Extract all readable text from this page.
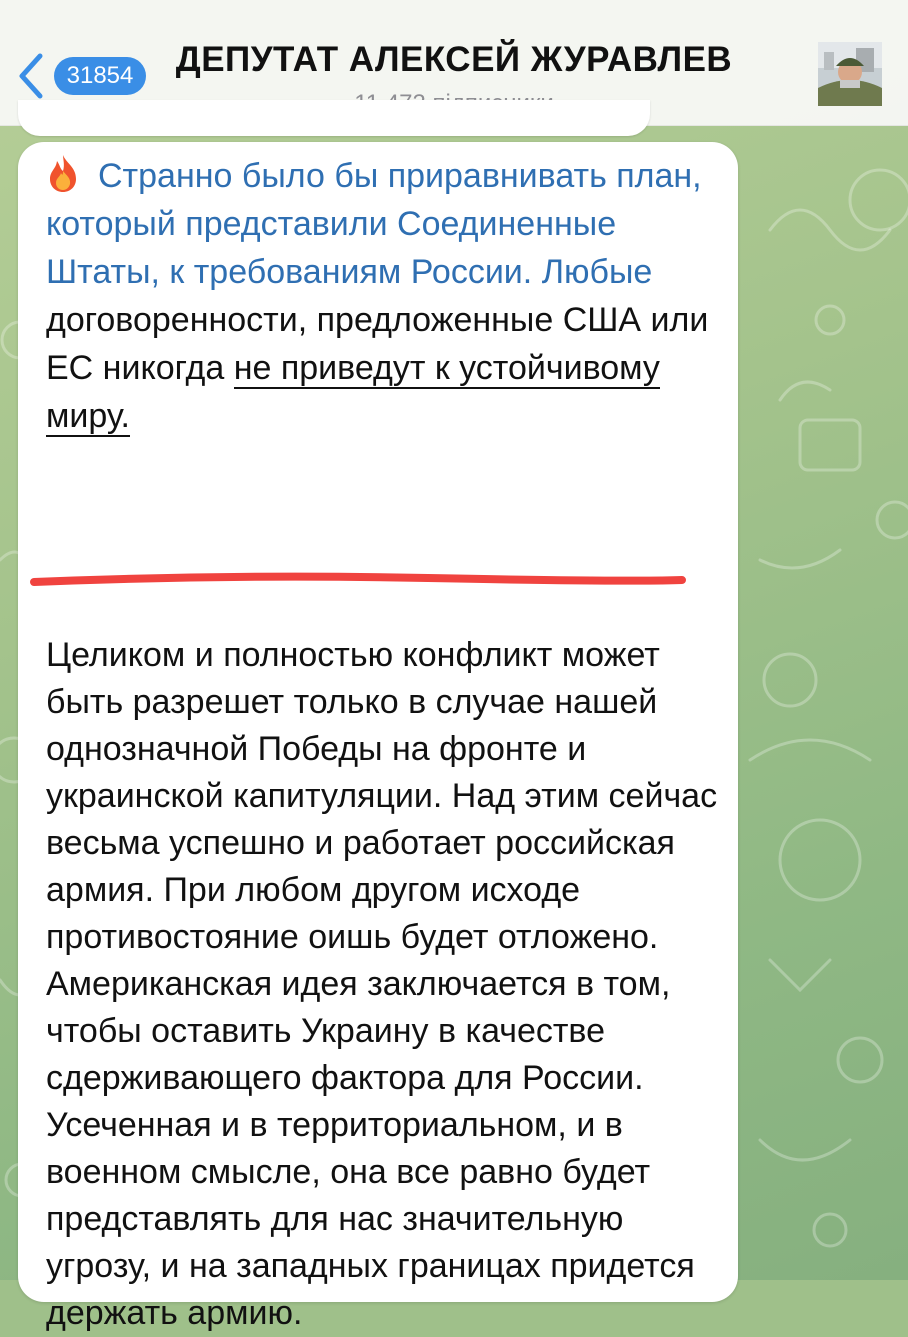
31854	ДЕПУТАТ АЛЕКСЕЙ ЖУРАВЛЕВ
Странно было бы приравнивать план, который представили Соединенные Штаты, к требованиям России. Любые договоренности, предложенные США или ЕС никогда не приведут к устойчивому миру.
Целиком и полностью конфликт может быть разрешет только в случае нашей однозначной Победы на фронте и украинской капитуляции. Над этим сейчас весьма успешно и работает российская армия. При любом другом исходе противостояние оишь будет отложено. Американская идея заключается в том, чтобы оставить Украину в качестве сдерживающего фактора для России. Усеченная и в территориальном, и в военном смысле, она все равно будет представлять для нас значительную угрозу, и на западных границах придется держать армию.
